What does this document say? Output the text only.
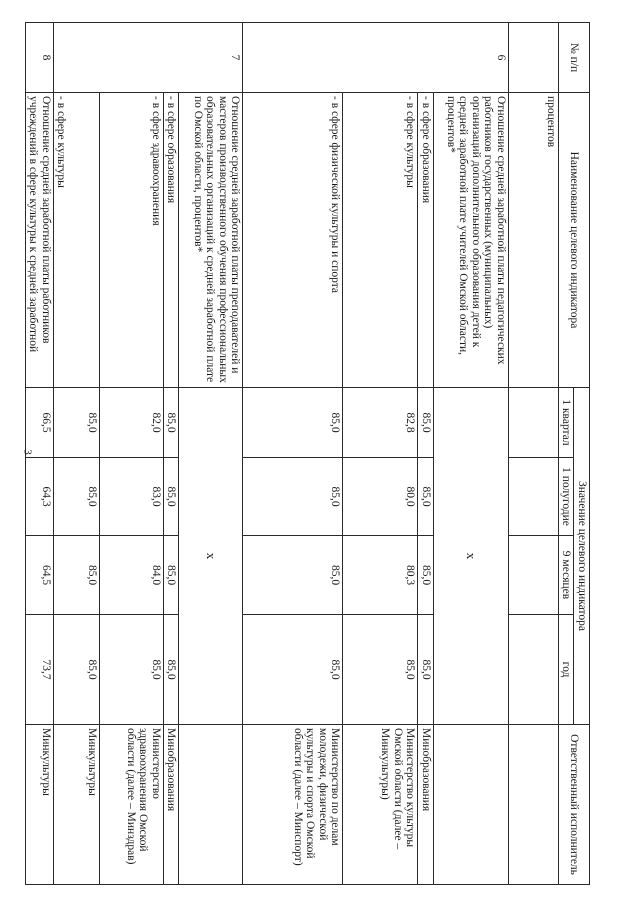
3
№ п/п	Наименование целевого индикатора	Значение целевого индикатора				Ответственный исполнитель
		1 квартал	1 полугодие	9 месяцев	год	
	процентов					
6	Отношение средней заработной платы педагогических работников государственных (муниципальных) организаций дополнительного образования детей к средней заработной плате учителей Омской области, процентов*	x				
	- в сфере образования	85,0	85,0	85,0	85,0	Минобразования
	- в сфере культуры	82,8	80,0	80,3	85,0	Министерство культуры Омской области (далее – Минкультуры)
	- в сфере физической культуры и спорта	85,0	85,0	85,0	85,0	Министерство по делам молодежи, физической культуры и спорта Омской области (далее – Минспорт)
7	Отношение средней заработной платы преподавателей и мастеров производственного обучения профессиональных образовательных организаций к средней заработной плате по Омской области, процентов*	x				
	- в сфере образования	85,0	85,0	85,0	85,0	Минобразования
	- в сфере здравоохранения	82,0	83,0	84,0	85,0	Министерство здравоохранения Омской области (далее – Минздрав)
	- в сфере культуры	85,0	85,0	85,0	85,0	Минкультуры
8	Отношение средней заработной платы работников учреждений в сфере культуры к средней заработной	66,5	64,3	64,5	73,7	Минкультуры
